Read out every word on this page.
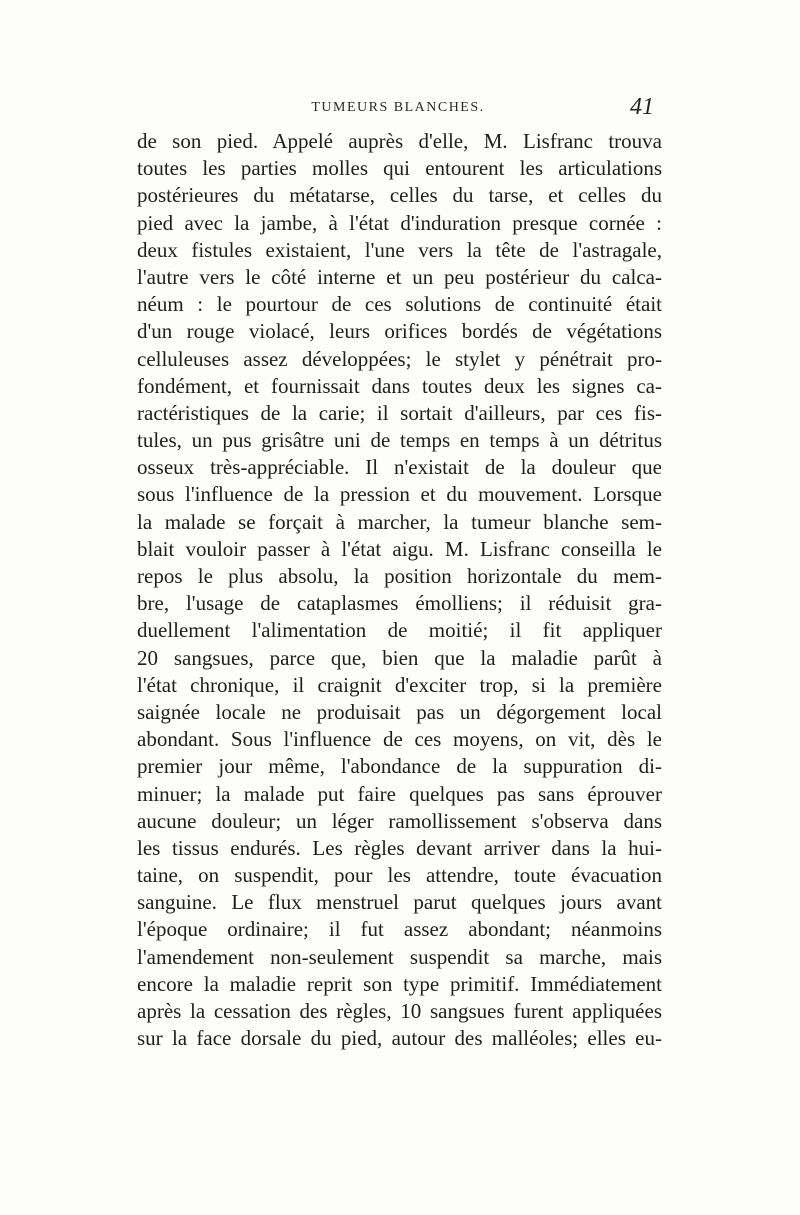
TUMEURS BLANCHES.	41
de son pied. Appelé auprès d'elle, M. Lisfranc trouva
toutes les parties molles qui entourent les articulations
postérieures du métatarse, celles du tarse, et celles du
pied avec la jambe, à l'état d'induration presque cornée :
deux fistules existaient, l'une vers la tête de l'astragale,
l'autre vers le côté interne et un peu postérieur du calca-
néum : le pourtour de ces solutions de continuité était
d'un rouge violacé, leurs orifices bordés de végétations
celluleuses assez développées; le stylet y pénétrait pro-
fondément, et fournissait dans toutes deux les signes ca-
ractéristiques de la carie; il sortait d'ailleurs, par ces fis-
tules, un pus grisâtre uni de temps en temps à un détritus
osseux très-appréciable. Il n'existait de la douleur que
sous l'influence de la pression et du mouvement. Lorsque
la malade se forçait à marcher, la tumeur blanche sem-
blait vouloir passer à l'état aigu. M. Lisfranc conseilla le
repos le plus absolu, la position horizontale du mem-
bre, l'usage de cataplasmes émolliens; il réduisit gra-
duellement l'alimentation de moitié; il fit appliquer
20 sangsues, parce que, bien que la maladie parût à
l'état chronique, il craignit d'exciter trop, si la première
saignée locale ne produisait pas un dégorgement local
abondant. Sous l'influence de ces moyens, on vit, dès le
premier jour même, l'abondance de la suppuration di-
minuer; la malade put faire quelques pas sans éprouver
aucune douleur; un léger ramollissement s'observa dans
les tissus endurés. Les règles devant arriver dans la hui-
taine, on suspendit, pour les attendre, toute évacuation
sanguine. Le flux menstruel parut quelques jours avant
l'époque ordinaire; il fut assez abondant; néanmoins
l'amendement non-seulement suspendit sa marche, mais
encore la maladie reprit son type primitif. Immédiatement
après la cessation des règles, 10 sangsues furent appliquées
sur la face dorsale du pied, autour des malléoles; elles eu-
